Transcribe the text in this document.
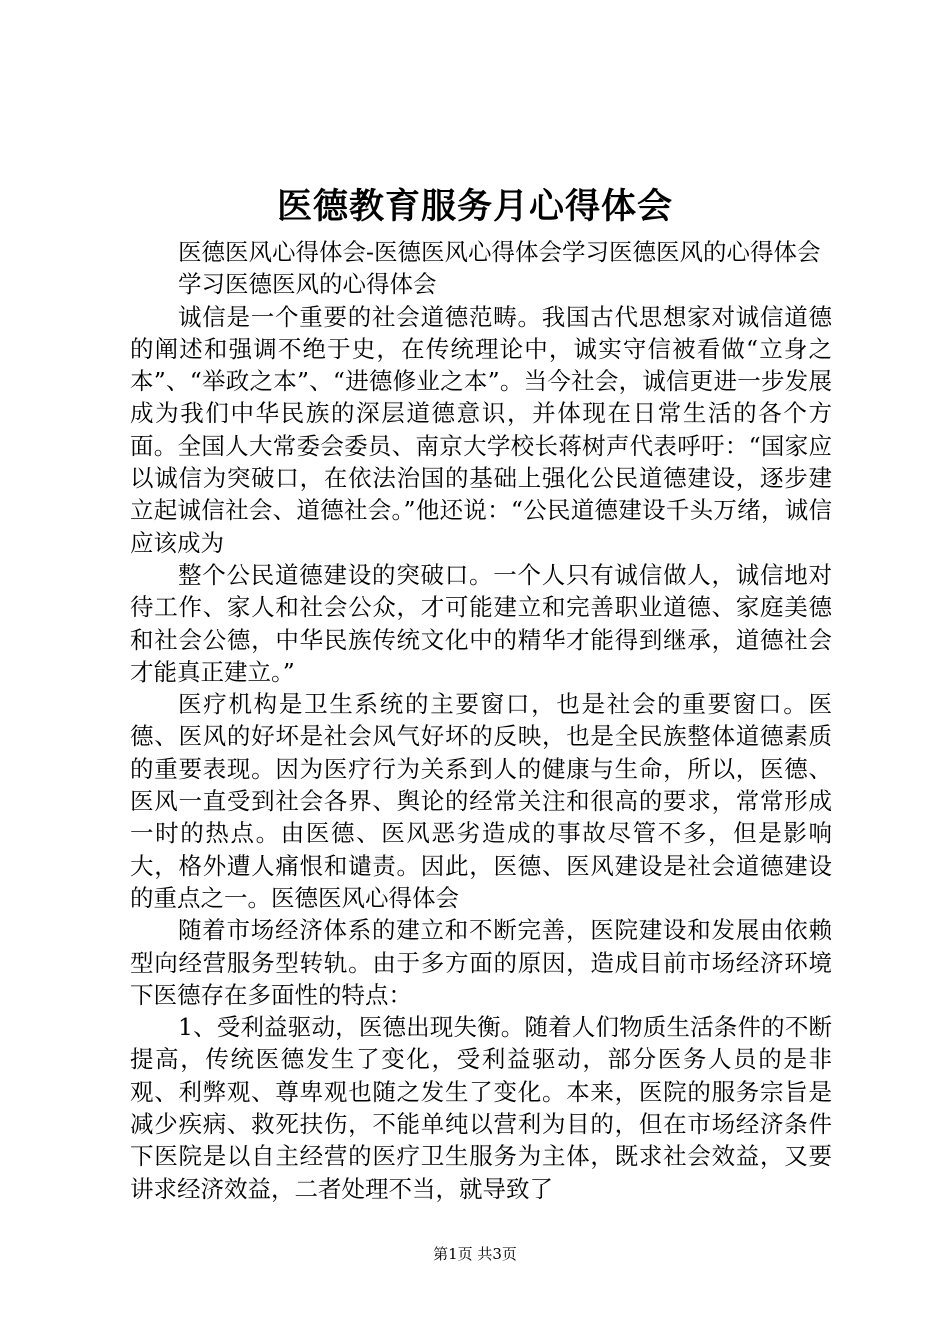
医德教育服务月心得体会

医德医风心得体会-医德医风心得体会学习医德医风的心得体会

学习医德医风的心得体会

诚信是一个重要的社会道德范畴。我国古代思想家对诚信道德的阐述和强调不绝于史，在传统理论中，诚实守信被看做“立身之本”、“举政之本”、“进德修业之本”。当今社会，诚信更进一步发展成为我们中华民族的深层道德意识，并体现在日常生活的各个方面。全国人大常委会委员、南京大学校长蒋树声代表呼吁：“国家应以诚信为突破口，在依法治国的基础上强化公民道德建设，逐步建立起诚信社会、道德社会。”他还说：“公民道德建设千头万绪，诚信应该成为

整个公民道德建设的突破口。一个人只有诚信做人，诚信地对待工作、家人和社会公众，才可能建立和完善职业道德、家庭美德和社会公德，中华民族传统文化中的精华才能得到继承，道德社会才能真正建立。”

医疗机构是卫生系统的主要窗口，也是社会的重要窗口。医德、医风的好坏是社会风气好坏的反映，也是全民族整体道德素质的重要表现。因为医疗行为关系到人的健康与生命，所以，医德、医风一直受到社会各界、舆论的经常关注和很高的要求，常常形成一时的热点。由医德、医风恶劣造成的事故尽管不多，但是影响大，格外遭人痛恨和谴责。因此，医德、医风建设是社会道德建设的重点之一。医德医风心得体会

随着市场经济体系的建立和不断完善，医院建设和发展由依赖型向经营服务型转轨。由于多方面的原因，造成目前市场经济环境下医德存在多面性的特点：

1、受利益驱动，医德出现失衡。随着人们物质生活条件的不断提高，传统医德发生了变化，受利益驱动，部分医务人员的是非观、利弊观、尊卑观也随之发生了变化。本来，医院的服务宗旨是减少疾病、救死扶伤，不能单纯以营利为目的，但在市场经济条件下医院是以自主经营的医疗卫生服务为主体，既求社会效益，又要讲求经济效益，二者处理不当，就导致了

第1页 共3页
